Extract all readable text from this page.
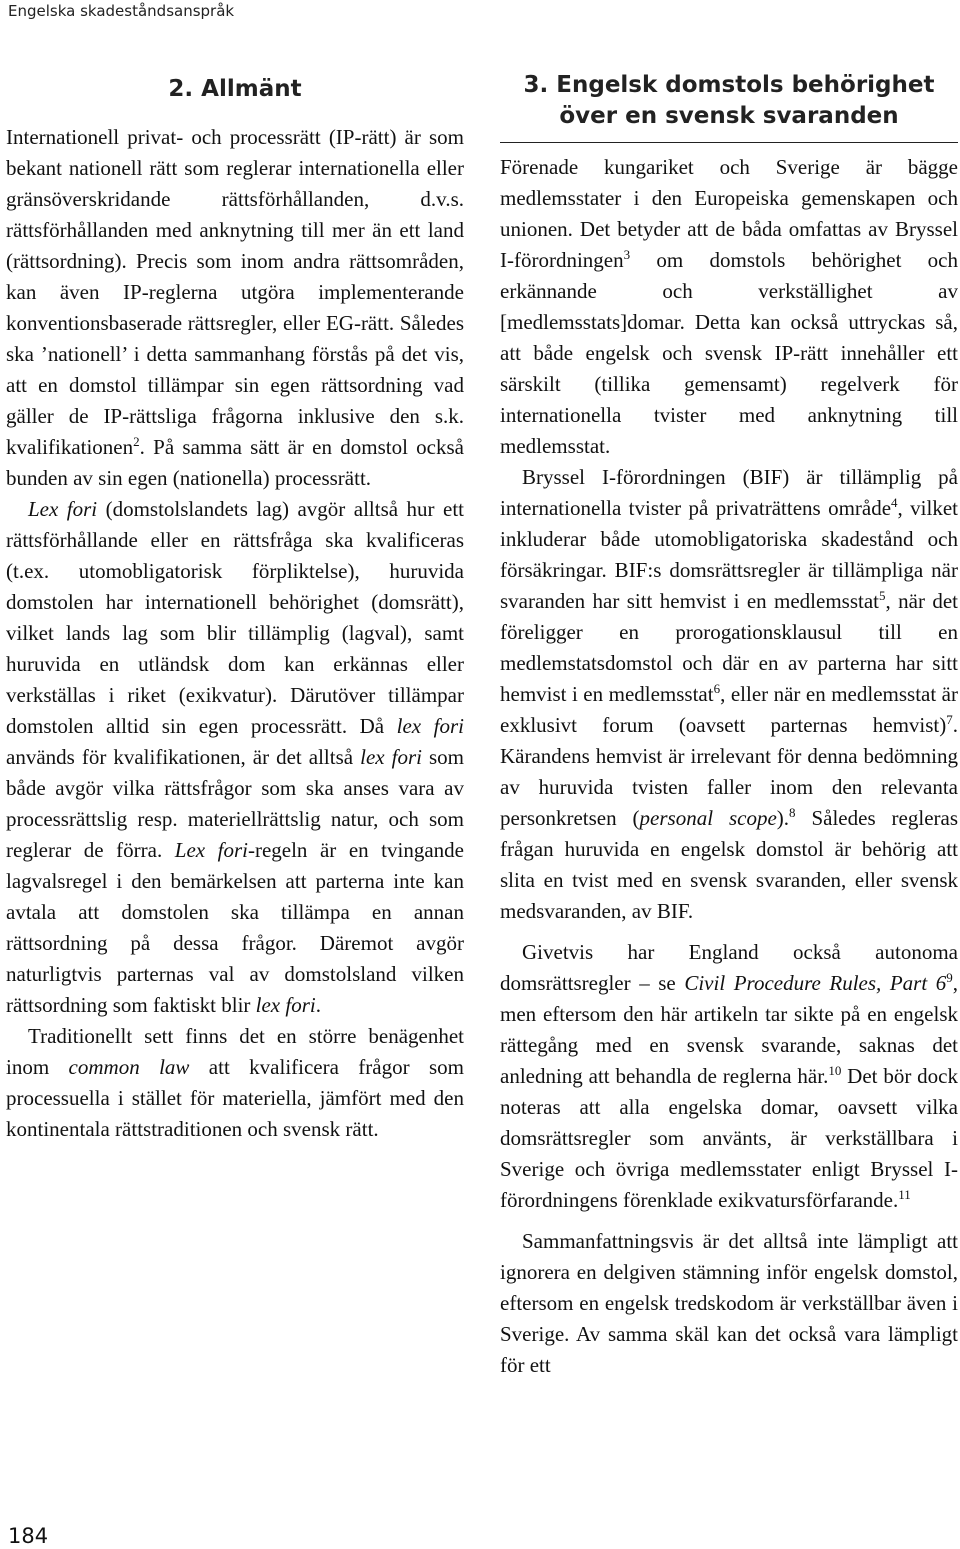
Engelska skadeståndsanspråk
2. Allmänt

Internationell privat- och processrätt (IP-rätt) är som bekant nationell rätt som reglerar internationella eller gränsöverskridande rättsförhållanden, d.v.s. rättsförhållanden med anknytning till mer än ett land (rättsordning). Precis som inom andra rättsområden, kan även IP-reglerna utgöra implementerande konventionsbaserade rättsregler, eller EG-rätt. Således ska ’nationell’ i detta sammanhang förstås på det vis, att en domstol tillämpar sin egen rättsordning vad gäller de IP-rättsliga frågorna inklusive den s.k. kvalifikationen$^2$. På samma sätt är en domstol också bunden av sin egen (nationella) processrätt.

Lex fori (domstolslandets lag) avgör alltså hur ett rättsförhållande eller en rättsfråga ska kvalificeras (t.ex. utomobligatorisk förpliktelse), huruvida domstolen har internationell behörighet (domsrätt), vilket lands lag som blir tillämplig (lagval), samt huruvida en utländsk dom kan erkännas eller verkställas i riket (exikvatur). Därutöver tillämpar domstolen alltid sin egen processrätt. Då lex fori används för kvalifikationen, är det alltså lex fori som både avgör vilka rättsfrågor som ska anses vara av processrättslig resp. materiellrättslig natur, och som reglerar de förra. Lex fori-regeln är en tvingande lagvalsregel i den bemärkelsen att parterna inte kan avtala att domstolen ska tillämpa en annan rättsordning på dessa frågor. Däremot avgör naturligtvis parternas val av domstolsland vilken rättsordning som faktiskt blir lex fori.

Traditionellt sett finns det en större benägenhet inom common law att kvalificera frågor som processuella i stället för materiella, jämfört med den kontinentala rättstraditionen och svensk rätt.

3. Engelsk domstols behörighet
över en svensk svaranden

Förenade kungariket och Sverige är bägge medlemsstater i den Europeiska gemenskapen och unionen. Det betyder att de båda omfattas av Bryssel I-förordningen$^3$ om domstols behörighet och erkännande och verkställighet av [medlemsstats]domar. Detta kan också uttryckas så, att både engelsk och svensk IP-rätt innehåller ett särskilt (tillika gemensamt) regelverk för internationella tvister med anknytning till medlemsstat.

Bryssel I-förordningen (BIF) är tillämplig på internationella tvister på privaträttens område$^4$, vilket inkluderar både utomobligatoriska skadestånd och försäkringar. BIF:s domsrättsregler är tillämpliga när svaranden har sitt hemvist i en medlemsstat$^5$, när det föreligger en prorogationsklausul till en medlemstatsdomstol och där en av parterna har sitt hemvist i en medlemsstat$^6$, eller när en medlemsstat är exklusivt forum (oavsett parternas hemvist)$^7$. Kärandens hemvist är irrelevant för denna bedömning av huruvida tvisten faller inom den relevanta personkretsen (personal scope).$^8$ Således regleras frågan huruvida en engelsk domstol är behörig att slita en tvist med en svensk svaranden, eller svensk medsvaranden, av BIF.

Givetvis har England också autonoma domsrättsregler – se Civil Procedure Rules, Part $6^9$, men eftersom den här artikeln tar sikte på en engelsk rättegång med en svensk svarande, saknas det anledning att behandla de reglerna här.$^{10}$ Det bör dock noteras att alla engelska domar, oavsett vilka domsrättsregler som använts, är verkställbara i Sverige och övriga medlemsstater enligt Bryssel I-förordningens förenklade exikvatursförfarande.$^{11}$

Sammanfattningsvis är det alltså inte lämpligt att ignorera en delgiven stämning inför engelsk domstol, eftersom en engelsk tredskodom är verkställbar även i Sverige. Av samma skäl kan det också vara lämpligt för ett

184
